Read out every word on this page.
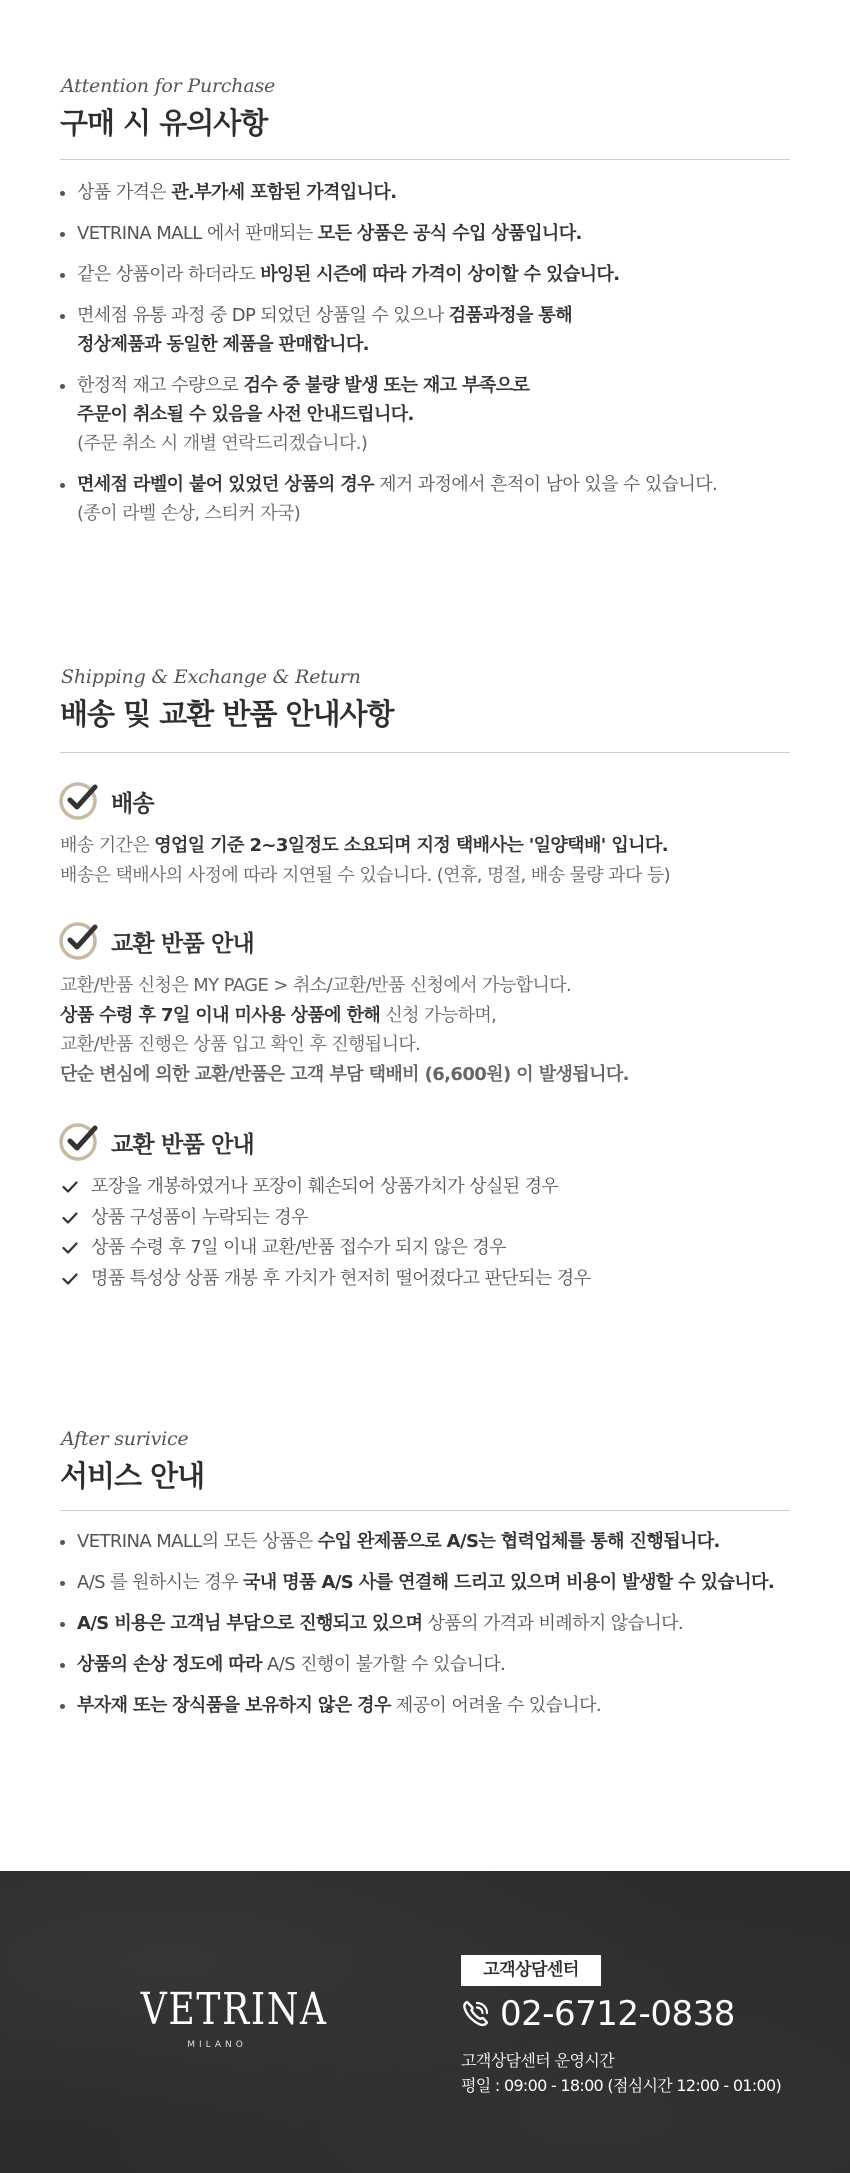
Attention for Purchase
구매 시 유의사항
상품 가격은 관.부가세 포함된 가격입니다.
VETRINA MALL 에서 판매되는 모든 상품은 공식 수입 상품입니다.
같은 상품이라 하더라도 바잉된 시즌에 따라 가격이 상이할 수 있습니다.
면세점 유통 과정 중 DP 되었던 상품일 수 있으나 검품과정을 통해
정상제품과 동일한 제품을 판매합니다.
한정적 재고 수량으로 검수 중 불량 발생 또는 재고 부족으로
주문이 취소될 수 있음을 사전 안내드립니다.
(주문 취소 시 개별 연락드리겠습니다.)
면세점 라벨이 붙어 있었던 상품의 경우 제거 과정에서 흔적이 남아 있을 수 있습니다.
(종이 라벨 손상, 스티커 자국)
Shipping & Exchange & Return
배송 및 교환 반품 안내사항
배송
배송 기간은 영업일 기준 2~3일정도 소요되며 지정 택배사는 '일양택배' 입니다.
배송은 택배사의 사정에 따라 지연될 수 있습니다. (연휴, 명절, 배송 물량 과다 등)
교환 반품 안내
교환/반품 신청은 MY PAGE > 취소/교환/반품 신청에서 가능합니다.
상품 수령 후 7일 이내 미사용 상품에 한해 신청 가능하며,
교환/반품 진행은 상품 입고 확인 후 진행됩니다.
단순 변심에 의한 교환/반품은 고객 부담 택배비 (6,600원) 이 발생됩니다.
교환 반품 안내
포장을 개봉하였거나 포장이 훼손되어 상품가치가 상실된 경우
상품 구성품이 누락되는 경우
상품 수령 후 7일 이내 교환/반품 접수가 되지 않은 경우
명품 특성상 상품 개봉 후 가치가 현저히 떨어졌다고 판단되는 경우
After surivice
서비스 안내
VETRINA MALL의 모든 상품은 수입 완제품으로 A/S는 협력업체를 통해 진행됩니다.
A/S 를 원하시는 경우 국내 명품 A/S 사를 연결해 드리고 있으며 비용이 발생할 수 있습니다.
A/S 비용은 고객님 부담으로 진행되고 있으며 상품의 가격과 비례하지 않습니다.
상품의 손상 정도에 따라 A/S 진행이 불가할 수 있습니다.
부자재 또는 장식품을 보유하지 않은 경우 제공이 어려울 수 있습니다.
VETRINA
MILANO
고객상담센터
02-6712-0838
고객상담센터 운영시간
평일 : 09:00 - 18:00 (점심시간 12:00 - 01:00)
